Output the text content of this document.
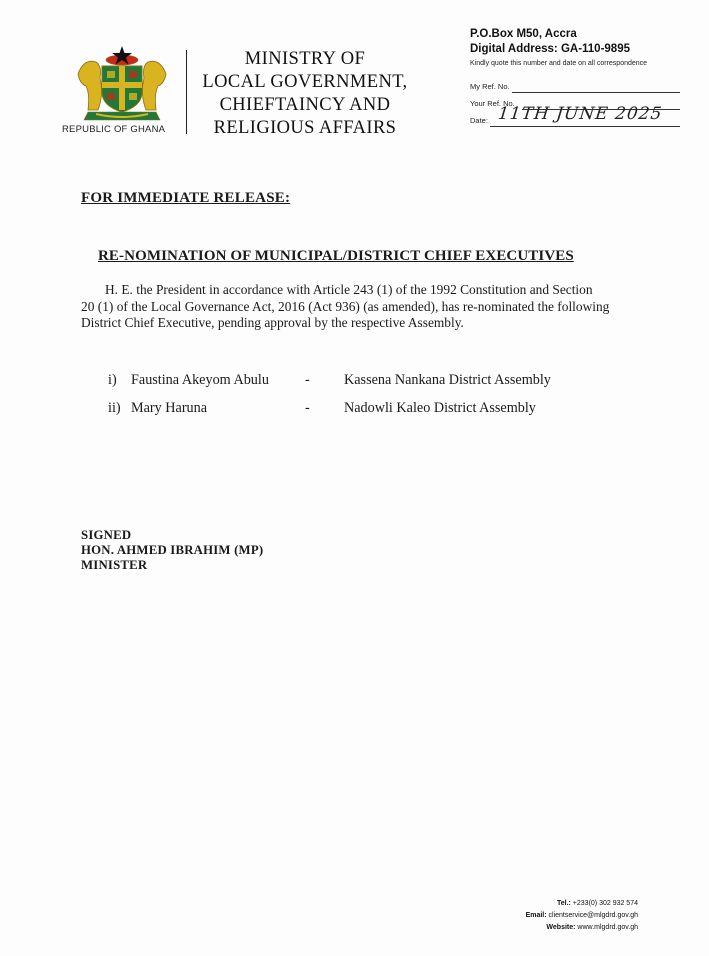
REPUBLIC OF GHANA
MINISTRY OF
LOCAL GOVERNMENT,
CHIEFTAINCY AND
RELIGIOUS AFFAIRS
P.O.Box M50, Accra
Digital Address: GA-110-9895
Kindly quote this number and date on all correspondence
My Ref. No.
Your Ref. No.
Date: 11TH JUNE 2025
FOR IMMEDIATE RELEASE:
RE-NOMINATION OF MUNICIPAL/DISTRICT CHIEF EXECUTIVES
H. E. the President in accordance with Article 243 (1) of the 1992 Constitution and Section
20 (1) of the Local Governance Act, 2016 (Act 936) (as amended), has re-nominated the following
District Chief Executive, pending approval by the respective Assembly.
i) Faustina Akeyom Abulu	- Kassena Nankana District Assembly
ii) Mary Haruna	- Nadowli Kaleo District Assembly
SIGNED
HON. AHMED IBRAHIM (MP)
MINISTER
Tel.: +233(0) 302 932 574
Email: clientservice@mlgdrd.gov.gh
Website: www.mlgdrd.gov.gh
